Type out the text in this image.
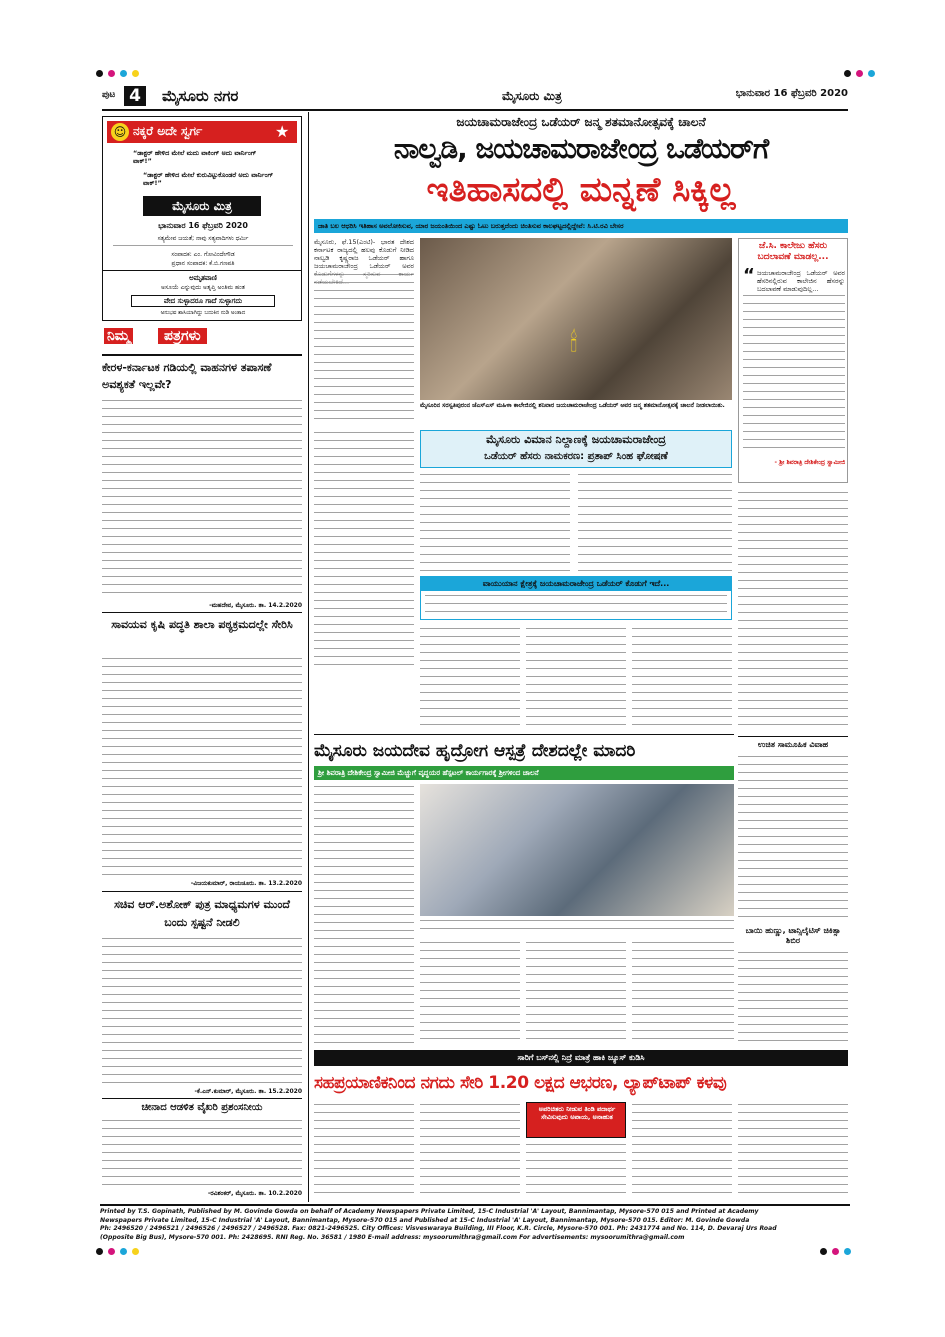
ಪುಟ 4	ಮೈಸೂರು ನಗರ	ಮೈಸೂರು ಮಿತ್ರ	ಭಾನುವಾರ 16 ಫೆಬ್ರವರಿ 2020
☺ ನಕ್ಕರೆ ಅದೇ ಸ್ವರ್ಗ	★
“ಡಾಕ್ಟರ್ ಹೇಳಿದ ಮೇಲೆ ಮದು ವಾಕಿಂಗ್ ಅದು ವಾರ್ನಿಂಗ್ ವಾಕ್!”
“ಡಾಕ್ಟರ್ ಹೇಳಿದ ಮೇಲೆ ಕುರುವಿಟ್ಟುಕೊಂಡರೆ ಅದು ವಾರ್ನಿಂಗ್ ವಾಕ್!”
ಮೈಸೂರು ಮಿತ್ರ
ಭಾನುವಾರ 16 ಫೆಬ್ರವರಿ 2020
ಸತ್ಯಮೇವ ಜಯತೆ; ನಾವು ಸತ್ಯವಾದಿಗಳು ಧರ್ಮಿ
ಸಂಪಾದಕ: ಎಂ. ಗೋವಿಂದೇಗೌಡ
ಪ್ರಧಾನ ಸಂಪಾದಕ: ಕೆ.ಬಿ.ಗಣಪತಿ
ಅಮೃತವಾಣಿ
ಅಸೂಯೆ ಎನ್ನುವುದು ಅತೃಪ್ತಿ ಅಂತಿಮ ಹಂತ
ವೇದ ಸುಳ್ಳಾದರೂ ಗಾದೆ ಸುಳ್ಳಾಗದು
ಅನುಭವ ಶಾಸಿಯಾಗಿದ್ದು ಬದುಕಿನ ನುಡಿ ಅಂತಾದ
ನಿಮ್ಮ	ಪತ್ರಗಳು
ಕೇರಳ-ಕರ್ನಾಟಕ ಗಡಿಯಲ್ಲಿ ವಾಹನಗಳ ತಪಾಸಣೆ ಅವಶ್ಯಕತೆ ಇಲ್ಲವೇ?
-ಮಹದೇವ, ಮೈಸೂರು. ತಾ. 14.2.2020
ಸಾವಯವ ಕೃಷಿ ಪದ್ಧತಿ ಶಾಲಾ ಪಠ್ಯಕ್ರಮದಲ್ಲೇ ಸೇರಿಸಿ
-ವಿಜಯಕುಮಾರ್, ರಾಯಚೂರು. ತಾ. 13.2.2020
ಸಚಿವ ಆರ್.ಅಶೋಕ್ ಪುತ್ರ ಮಾಧ್ಯಮಗಳ ಮುಂದೆ ಬಂದು ಸ್ಪಷ್ಟನೆ ನೀಡಲಿ
-ಕೆ.ಎನ್.ಕುಮಾರ್, ಮೈಸೂರು. ತಾ. 15.2.2020
ಚೀನಾದ ಆಡಳಿತ ವೈಖರಿ ಪ್ರಶಂಸನೀಯ
-ರವಿಶಂಕರ್, ಮೈಸೂರು. ತಾ. 10.2.2020
ಜಯಚಾಮರಾಜೇಂದ್ರ ಒಡೆಯರ್ ಜನ್ಮ ಶತಮಾನೋತ್ಸವಕ್ಕೆ ಚಾಲನೆ
ನಾಲ್ವಡಿ, ಜಯಚಾಮರಾಜೇಂದ್ರ ಒಡೆಯರ್‌ಗೆ
ಇತಿಹಾಸದಲ್ಲಿ ಮನ್ನಣೆ ಸಿಕ್ಕಿಲ್ಲ
ಜಾತಿ ಬಲ ಆಧರಿಸಿ ಇತಿಹಾಸ ಅವಲೋಕಿಸುವ, ಯಾರ ಜಯಂತಿಯಿಂದ ಎಷ್ಟು ಓಟು ಬರುತ್ತದೆಂದು ಚಿಂತಿಸುವ ಕಾಲಘಟ್ಟದಲ್ಲಿದ್ದೇವೆ: ಸಿ.ಟಿ.ರವಿ ಬೇಸರ
ಮೈಸೂರು, ಫೆ.15(ಎಂಟಿ)- ಭಾರತ ದೇಶದ ಕರ್ನಾಟಕ ರಾಜ್ಯದಲ್ಲಿ ಹಲವು ಕೊಡುಗೆ ನೀಡಿದ ನಾಲ್ವಡಿ ಕೃಷ್ಣರಾಜ ಒಡೆಯರ್ ಹಾಗೂ ಜಯಚಾಮರಾಜೇಂದ್ರ ಒಡೆಯರ್ ಅವರ
🕯
ಮೈಸೂರಿನ ಸರಸ್ವತಿಪುರಂನ ಜೆಎಸ್ಎಸ್ ಮಹಿಳಾ ಕಾಲೇಜಿನಲ್ಲಿ ಶನಿವಾರ ಜಯಚಾಮರಾಜೇಂದ್ರ ಒಡೆಯರ್ ಅವರ ಜನ್ಮ ಶತಮಾನೋತ್ಸವಕ್ಕೆ ಚಾಲನೆ ನೀಡಲಾಯಿತು.
ಜೆ.ಸಿ. ಕಾಲೇಜು ಹೆಸರು ಬದಲಾವಣೆ ಮಾಡಲ್ಲ...
“ ಜಯಚಾಮರಾಜೇಂದ್ರ ಒಡೆಯರ್ ಅವರ ಹೆಸರಿನಲ್ಲಿರುವ ಕಾಲೇಜಿನ ಹೆಸರನ್ನು ಬದಲಾವಣೆ ಮಾಡುವುದಿಲ್ಲ...
- ಶ್ರೀ ಶಿವರಾತ್ರಿ ದೇಶಿಕೇಂದ್ರ ಸ್ವಾಮೀಜಿ
ಮೈಸೂರು ವಿಮಾನ ನಿಲ್ದಾಣಕ್ಕೆ ಜಯಚಾಮರಾಜೇಂದ್ರ
ಒಡೆಯರ್ ಹೆಸರು ನಾಮಕರಣ: ಪ್ರತಾಪ್ ಸಿಂಹ ಘೋಷಣೆ
ವಾಯುಯಾನ ಕ್ಷೇತ್ರಕ್ಕೆ ಜಯಚಾಮರಾಜೇಂದ್ರ ಒಡೆಯರ್ ಕೊಡುಗೆ ಇದೆ...
ಮೈಸೂರು ಜಯದೇವ ಹೃದ್ರೋಗ ಆಸ್ಪತ್ರೆ ದೇಶದಲ್ಲೇ ಮಾದರಿ
ಶ್ರೀ ಶಿವರಾತ್ರಿ ದೇಶಿಕೇಂದ್ರ ಸ್ವಾಮೀಜಿ ಮೆಚ್ಚುಗೆ ವೃದ್ಧಯರ ಹೆಸ್ಪಟಲ್ ಕಾರ್ಯಗಾರಕ್ಕೆ ಶ್ರೀಗಳಿಂದ ಚಾಲನೆ
ಉಚಿತ ಸಾಮೂಹಿಕ ವಿವಾಹ
ಬಾಯಿ ಹುಣ್ಣು, ಟಾನ್ಸಿಲೈಟಿಸ್ ಚಿಕಿತ್ಸಾ ಶಿಬಿರ
ಸಾರಿಗೆ ಬಸ್‌ನಲ್ಲಿ ನಿದ್ರೆ ಮಾತ್ರೆ ಹಾಕಿ ಜ್ಯೂಸ್ ಕುಡಿಸಿ
ಸಹಪ್ರಯಾಣಿಕನಿಂದ ನಗದು ಸೇರಿ 1.20 ಲಕ್ಷದ ಆಭರಣ, ಲ್ಯಾಪ್‌ಟಾಪ್ ಕಳವು
ಅಪರಿಚಿತರು ನೀಡುವ ತಿಂಡಿ ಪದಾರ್ಥ ಸೇವಿಸುವುದು ಅಪಾಯ, ಅನಾಹುತ
Printed by T.S. Gopinath, Published by M. Govinde Gowda on behalf of Academy Newspapers Private Limited, 15-C Industrial 'A' Layout, Bannimantap, Mysore-570 015 and Printed at Academy
Newspapers Private Limited, 15-C Industrial 'A' Layout, Bannimantap, Mysore-570 015 and Published at 15-C Industrial 'A' Layout, Bannimantap, Mysore-570 015. Editor: M. Govinde Gowda
Ph: 2496520 / 2496521 / 2496526 / 2496527 / 2496528. Fax: 0821-2496525. City Offices: Visveswaraya Building, III Floor, K.R. Circle, Mysore-570 001. Ph: 2431774 and No. 114, D. Devaraj Urs Road
(Opposite Big Bus), Mysore-570 001. Ph: 2428695. RNI Reg. No. 36581 / 1980 E-mail address: mysoorumithra@gmail.com For advertisements: mysoorumithra@gmail.com
